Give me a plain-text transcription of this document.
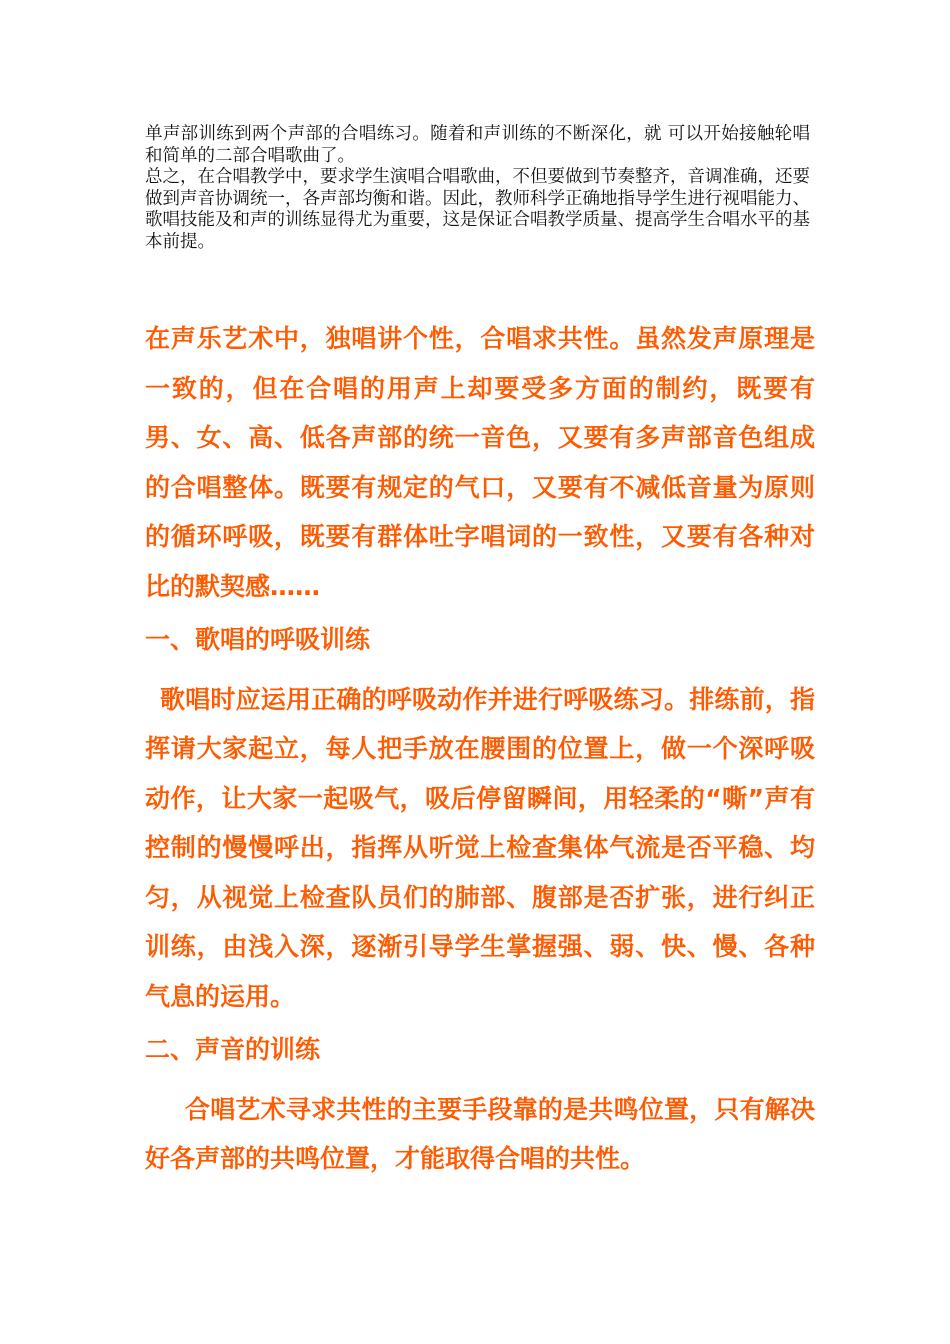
单声部训练到两个声部的合唱练习。随着和声训练的不断深化，就 可以开始接触轮唱和简单的二部合唱歌曲了。

总之，在合唱教学中，要求学生演唱合唱歌曲，不但要做到节奏整齐，音调准确，还要做到声音协调统一，各声部均衡和谐。因此，教师科学正确地指导学生进行视唱能力、歌唱技能及和声的训练显得尤为重要，这是保证合唱教学质量、提高学生合唱水平的基本前提。

在声乐艺术中，独唱讲个性，合唱求共性。虽然发声原理是一致的，但在合唱的用声上却要受多方面的制约，既要有男、女、高、低各声部的统一音色，又要有多声部音色组成的合唱整体。既要有规定的气口，又要有不减低音量为原则的循环呼吸，既要有群体吐字唱词的一致性，又要有各种对比的默契感……

一、歌唱的呼吸训练

歌唱时应运用正确的呼吸动作并进行呼吸练习。排练前，指挥请大家起立，每人把手放在腰围的位置上，做一个深呼吸动作，让大家一起吸气，吸后停留瞬间，用轻柔的“嘶”声有控制的慢慢呼出，指挥从听觉上检查集体气流是否平稳、均匀，从视觉上检查队员们的肺部、腹部是否扩张，进行纠正训练，由浅入深，逐渐引导学生掌握强、弱、快、慢、各种气息的运用。

二、声音的训练

合唱艺术寻求共性的主要手段靠的是共鸣位置，只有解决好各声部的共鸣位置，才能取得合唱的共性。
